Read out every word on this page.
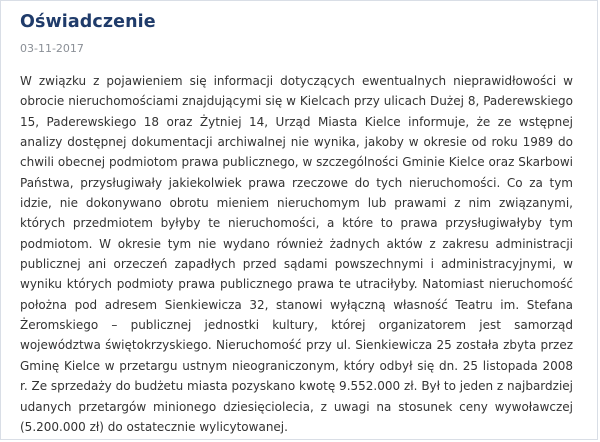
Oświadczenie
03-11-2017
W związku z pojawieniem się informacji dotyczących ewentualnych nieprawidłowości w obrocie nieruchomościami znajdującymi się w Kielcach przy ulicach Dużej 8, Paderewskiego 15, Paderewskiego 18 oraz Żytniej 14, Urząd Miasta Kielce informuje, że ze wstępnej analizy dostępnej dokumentacji archiwalnej nie wynika, jakoby w okresie od roku 1989 do chwili obecnej podmiotom prawa publicznego, w szczególności Gminie Kielce oraz Skarbowi Państwa, przysługiwały jakiekolwiek prawa rzeczowe do tych nieruchomości. Co za tym idzie, nie dokonywano obrotu mieniem nieruchomym lub prawami z nim związanymi, których przedmiotem byłyby te nieruchomości, a które to prawa przysługiwałyby tym podmiotom. W okresie tym nie wydano również żadnych aktów z zakresu administracji publicznej ani orzeczeń zapadłych przed sądami powszechnymi i administracyjnymi, w wyniku których podmioty prawa publicznego prawa te utraciłyby. Natomiast nieruchomość położna pod adresem Sienkiewicza 32, stanowi wyłączną własność Teatru im. Stefana Żeromskiego – publicznej jednostki kultury, której organizatorem jest samorząd województwa świętokrzyskiego. Nieruchomość przy ul. Sienkiewicza 25 została zbyta przez Gminę Kielce w przetargu ustnym nieograniczonym, który odbył się dn. 25 listopada 2008 r. Ze sprzedaży do budżetu miasta pozyskano kwotę 9.552.000 zł. Był to jeden z najbardziej udanych przetargów minionego dziesięciolecia, z uwagi na stosunek ceny wywoławczej (5.200.000 zł) do ostatecznie wylicytowanej.
